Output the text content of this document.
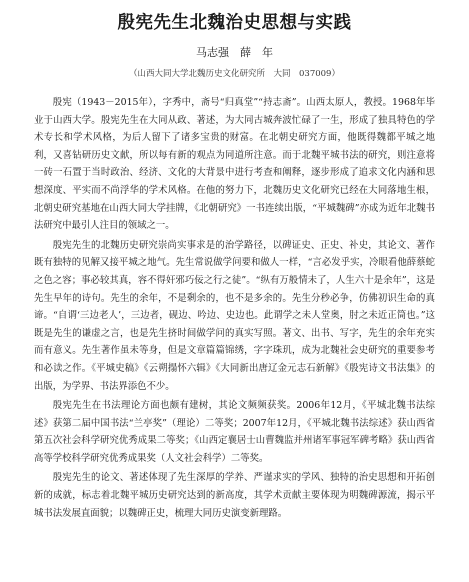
殷宪先生北魏治史思想与实践
马志强　薛　年
（山西大同大学北魏历史文化研究所　大同　037009）

殷宪（1943－2015年），字秀中，斋号“归真堂”“持志斋”。山西太原人，教授。1968年毕业于山西大学。殷宪先生在大同从政、著述，为大同古城奔波忙碌了一生，形成了独具特色的学术专长和学术风格，为后人留下了诸多宝贵的财富。在北朝史研究方面，他既得魏都平城之地利，又喜钻研历史文献，所以每有新的观点为同道所注意。而于北魏平城书法的研究，则注意将一砖一石置于当时政治、经济、文化的大背景中进行考查和阐释，逐步形成了追求文化内涵和思想深度、平实而不尚浮华的学术风格。在他的努力下，北魏历史文化研究已经在大同落地生根，北朝史研究基地在山西大同大学挂牌，《北朝研究》一书连续出版，“平城魏碑”亦成为近年北魏书法研究中最引人注目的领域之一。

殷宪先生的北魏历史研究崇尚实事求是的治学路径，以碑证史、正史、补史，其论文、著作既有独特的见解又接平城之地气。先生常说做学问要和做人一样，“言必发乎实，冷眼看他薛蔡蛇之色之容；事必较其真，容不得奸邪巧佞之行之徒”。“纵有万般情未了，人生六十是余年”，这是先生早年的诗句。先生的余年，不是剩余的，也不是多余的。先生分秒必争，仿佛初识生命的真谛。“自谓‘三边老人’，三边者，砚边、吟边、史边也。此谓学之未人堂奥，肘之未近正筒也。”这既是先生的谦虚之言，也是先生挤时间做学问的真实写照。著文、出书、写字，先生的余年充实而有意义。先生著作虽未等身，但是文章篇篇锦绣，字字珠玑，成为北魏社会史研究的重要参考和必读之作。《平城史稿》《云朔搨怀六辑》《大同新出唐辽金元志石新解》《殷宪诗文书法集》的出版，为学界、书法界添色不少。

殷宪先生在书法理论方面也颇有建树，其论文频频获奖。2006年12月，《平城北魏书法综述》获第二届中国书法“兰亭奖”（理论）二等奖；2007年12月，《平城北魏书法综述》获山西省第五次社会科学研究优秀成果二等奖；《山西定襄居士山曹魏监并州诸军事冠军碑考略》获山西省高等学校科学研究优秀成果奖（人文社会科学）二等奖。

殷宪先生的论文、著述体现了先生深厚的学养、严谨求实的学风、独特的治史思想和开拓创新的成就，标志着北魏平城历史研究达到的新高度，其学术贡献主要体现为明魏碑源流，揭示平城书法发展直面貌；以魏碑正史，梳理大同历史演变新理路。
